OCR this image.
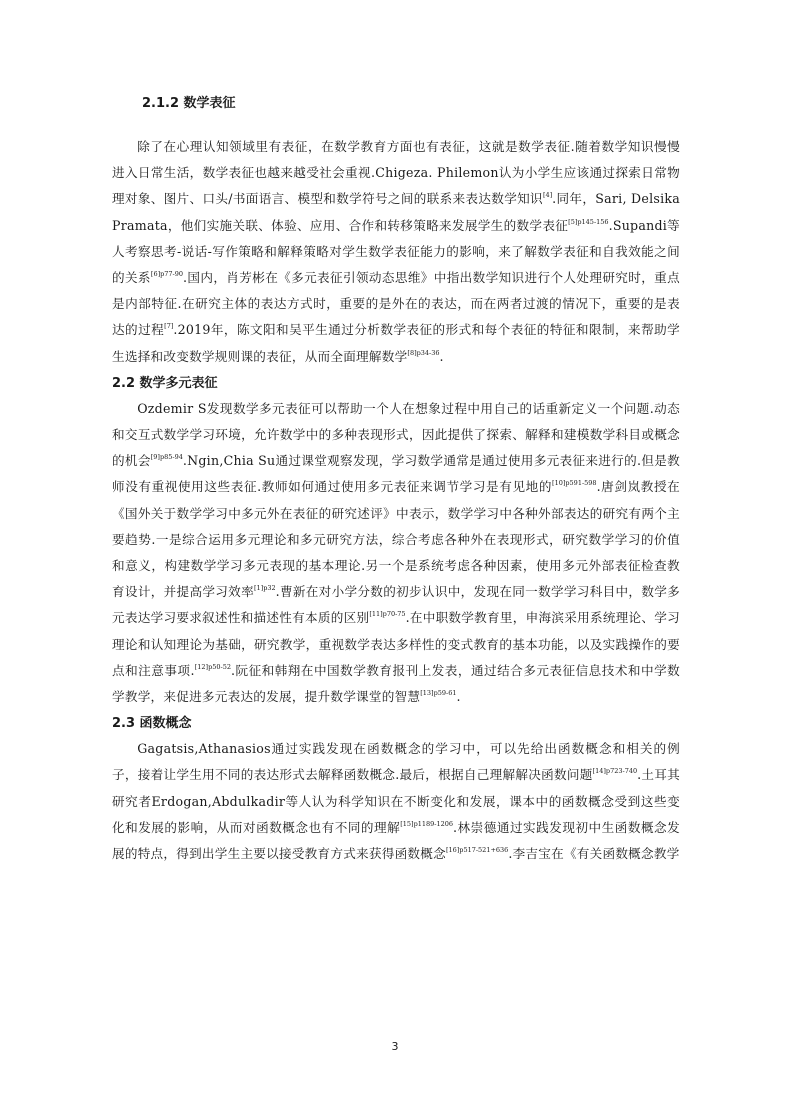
2.1.2 数学表征

除了在心理认知领域里有表征，在数学教育方面也有表征，这就是数学表征.随着数学知识慢慢进入日常生活，数学表征也越来越受社会重视.Chigeza. Philemon认为小学生应该通过探索日常物理对象、图片、口头/书面语言、模型和数学符号之间的联系来表达数学知识[4].同年，Sari, Delsika Pramata，他们实施关联、体验、应用、合作和转移策略来发展学生的数学表征$^{[5]p145-156}$.Supandi等人考察思考-说话-写作策略和解释策略对学生数学表征能力的影响，来了解数学表征和自我效能之间的关系$^{[6]p77-90}$.国内，肖芳彬在《多元表征引领动态思维》中指出数学知识进行个人处理研究时，重点是内部特征.在研究主体的表达方式时，重要的是外在的表达，而在两者过渡的情况下，重要的是表达的过程[7].2019年，陈文阳和吴平生通过分析数学表征的形式和每个表征的特征和限制，来帮助学生选择和改变数学规则课的表征，从而全面理解数学$^{[8]p34-36}$.

2.2 数学多元表征

Ozdemir S发现数学多元表征可以帮助一个人在想象过程中用自己的话重新定义一个问题.动态和交互式数学学习环境，允许数学中的多种表现形式，因此提供了探索、解释和建模数学科目或概念的机会$^{[9]p85-94}$.Ngin,Chia Su通过课堂观察发现，学习数学通常是通过使用多元表征来进行的.但是教师没有重视使用这些表征.教师如何通过使用多元表征来调节学习是有见地的$^{[10]p591-598}$.唐剑岚教授在《国外关于数学学习中多元外在表征的研究述评》中表示，数学学习中各种外部表达的研究有两个主要趋势.一是综合运用多元理论和多元研究方法，综合考虑各种外在表现形式，研究数学学习的价值和意义，构建数学学习多元表现的基本理论.另一个是系统考虑各种因素，使用多元外部表征检查教育设计，并提高学习效率$^{[1]p32}$.曹新在对小学分数的初步认识中，发现在同一数学学习科目中，数学多元表达学习要求叙述性和描述性有本质的区别$^{[11]p70-75}$.在中职数学教育里，申海滨采用系统理论、学习理论和认知理论为基础，研究教学，重视数学表达多样性的变式教育的基本功能，以及实践操作的要点和注意事项.$^{[12]p50-52}$.阮征和韩翔在中国数学教育报刊上发表，通过结合多元表征信息技术和中学数学教学，来促进多元表达的发展，提升数学课堂的智慧$^{[13]p59-61}$.

2.3 函数概念

Gagatsis,Athanasios通过实践发现在函数概念的学习中，可以先给出函数概念和相关的例子，接着让学生用不同的表达形式去解释函数概念.最后，根据自己理解解决函数问题$^{[14]p723-740}$.土耳其研究者Erdogan,Abdulkadir等人认为科学知识在不断变化和发展，课本中的函数概念受到这些变化和发展的影响，从而对函数概念也有不同的理解$^{[15]p1189-1206}$.林崇德通过实践发现初中生函数概念发展的特点，得到出学生主要以接受教育方式来获得函数概念$^{[16]p517-521+636}$.李吉宝在《有关函数概念教学

3
